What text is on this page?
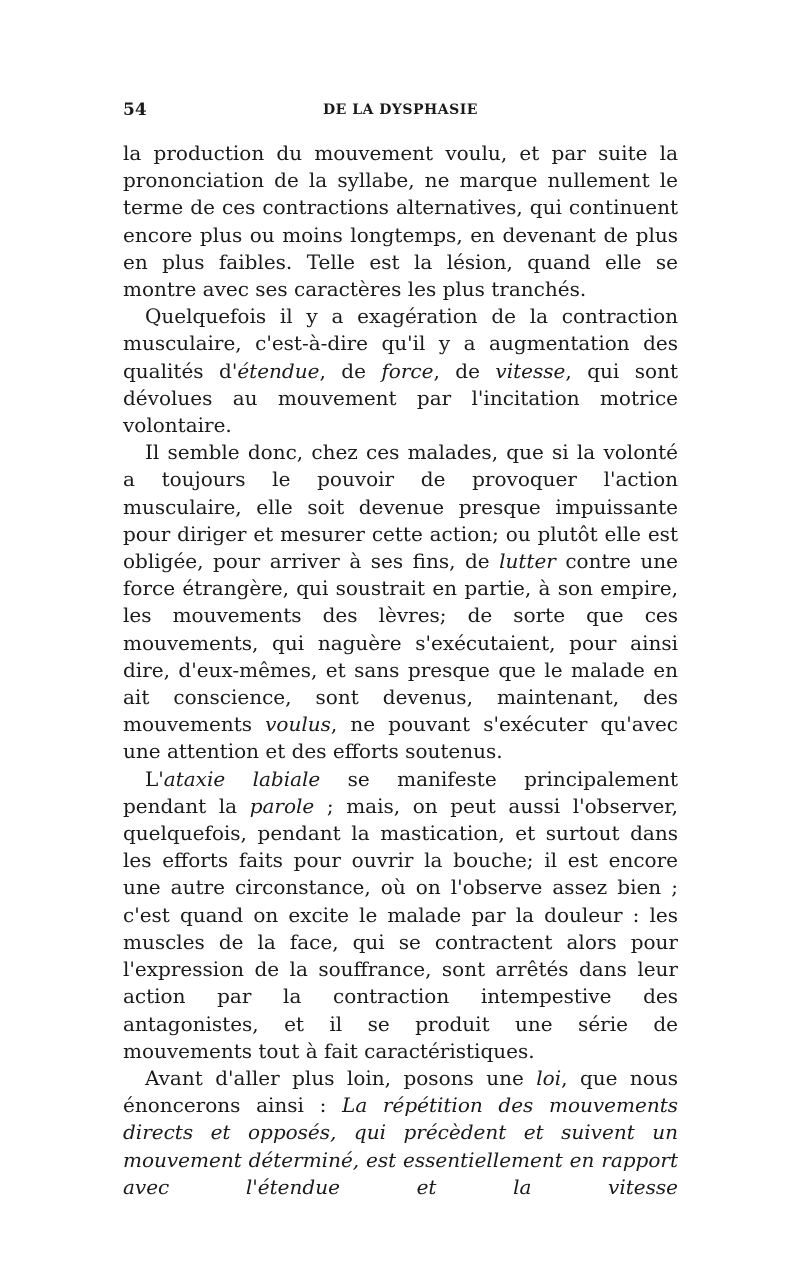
54	DE LA DYSPHASIE

la production du mouvement voulu, et par suite la prononciation de la syllabe, ne marque nullement le terme de ces contractions alternatives, qui continuent encore plus ou moins longtemps, en devenant de plus en plus faibles. Telle est la lésion, quand elle se montre avec ses caractères les plus tranchés.

Quelquefois il y a exagération de la contraction musculaire, c'est-à-dire qu'il y a augmentation des qualités d'étendue, de force, de vitesse, qui sont dévolues au mouvement par l'incitation motrice volontaire.

Il semble donc, chez ces malades, que si la volonté a toujours le pouvoir de provoquer l'action musculaire, elle soit devenue presque impuissante pour diriger et mesurer cette action; ou plutôt elle est obligée, pour arriver à ses fins, de lutter contre une force étrangère, qui soustrait en partie, à son empire, les mouvements des lèvres; de sorte que ces mouvements, qui naguère s'exécutaient, pour ainsi dire, d'eux-mêmes, et sans presque que le malade en ait conscience, sont devenus, maintenant, des mouvements voulus, ne pouvant s'exécuter qu'avec une attention et des efforts soutenus.

L'ataxie labiale se manifeste principalement pendant la parole ; mais, on peut aussi l'observer, quelquefois, pendant la mastication, et surtout dans les efforts faits pour ouvrir la bouche; il est encore une autre circonstance, où on l'observe assez bien ; c'est quand on excite le malade par la douleur : les muscles de la face, qui se contractent alors pour l'expression de la souffrance, sont arrêtés dans leur action par la contraction intempestive des antagonistes, et il se produit une série de mouvements tout à fait caractéristiques.

Avant d'aller plus loin, posons une loi, que nous énoncerons ainsi : La répétition des mouvements directs et opposés, qui précèdent et suivent un mouvement déterminé, est essentiellement en rapport avec l'étendue et la vitesse
